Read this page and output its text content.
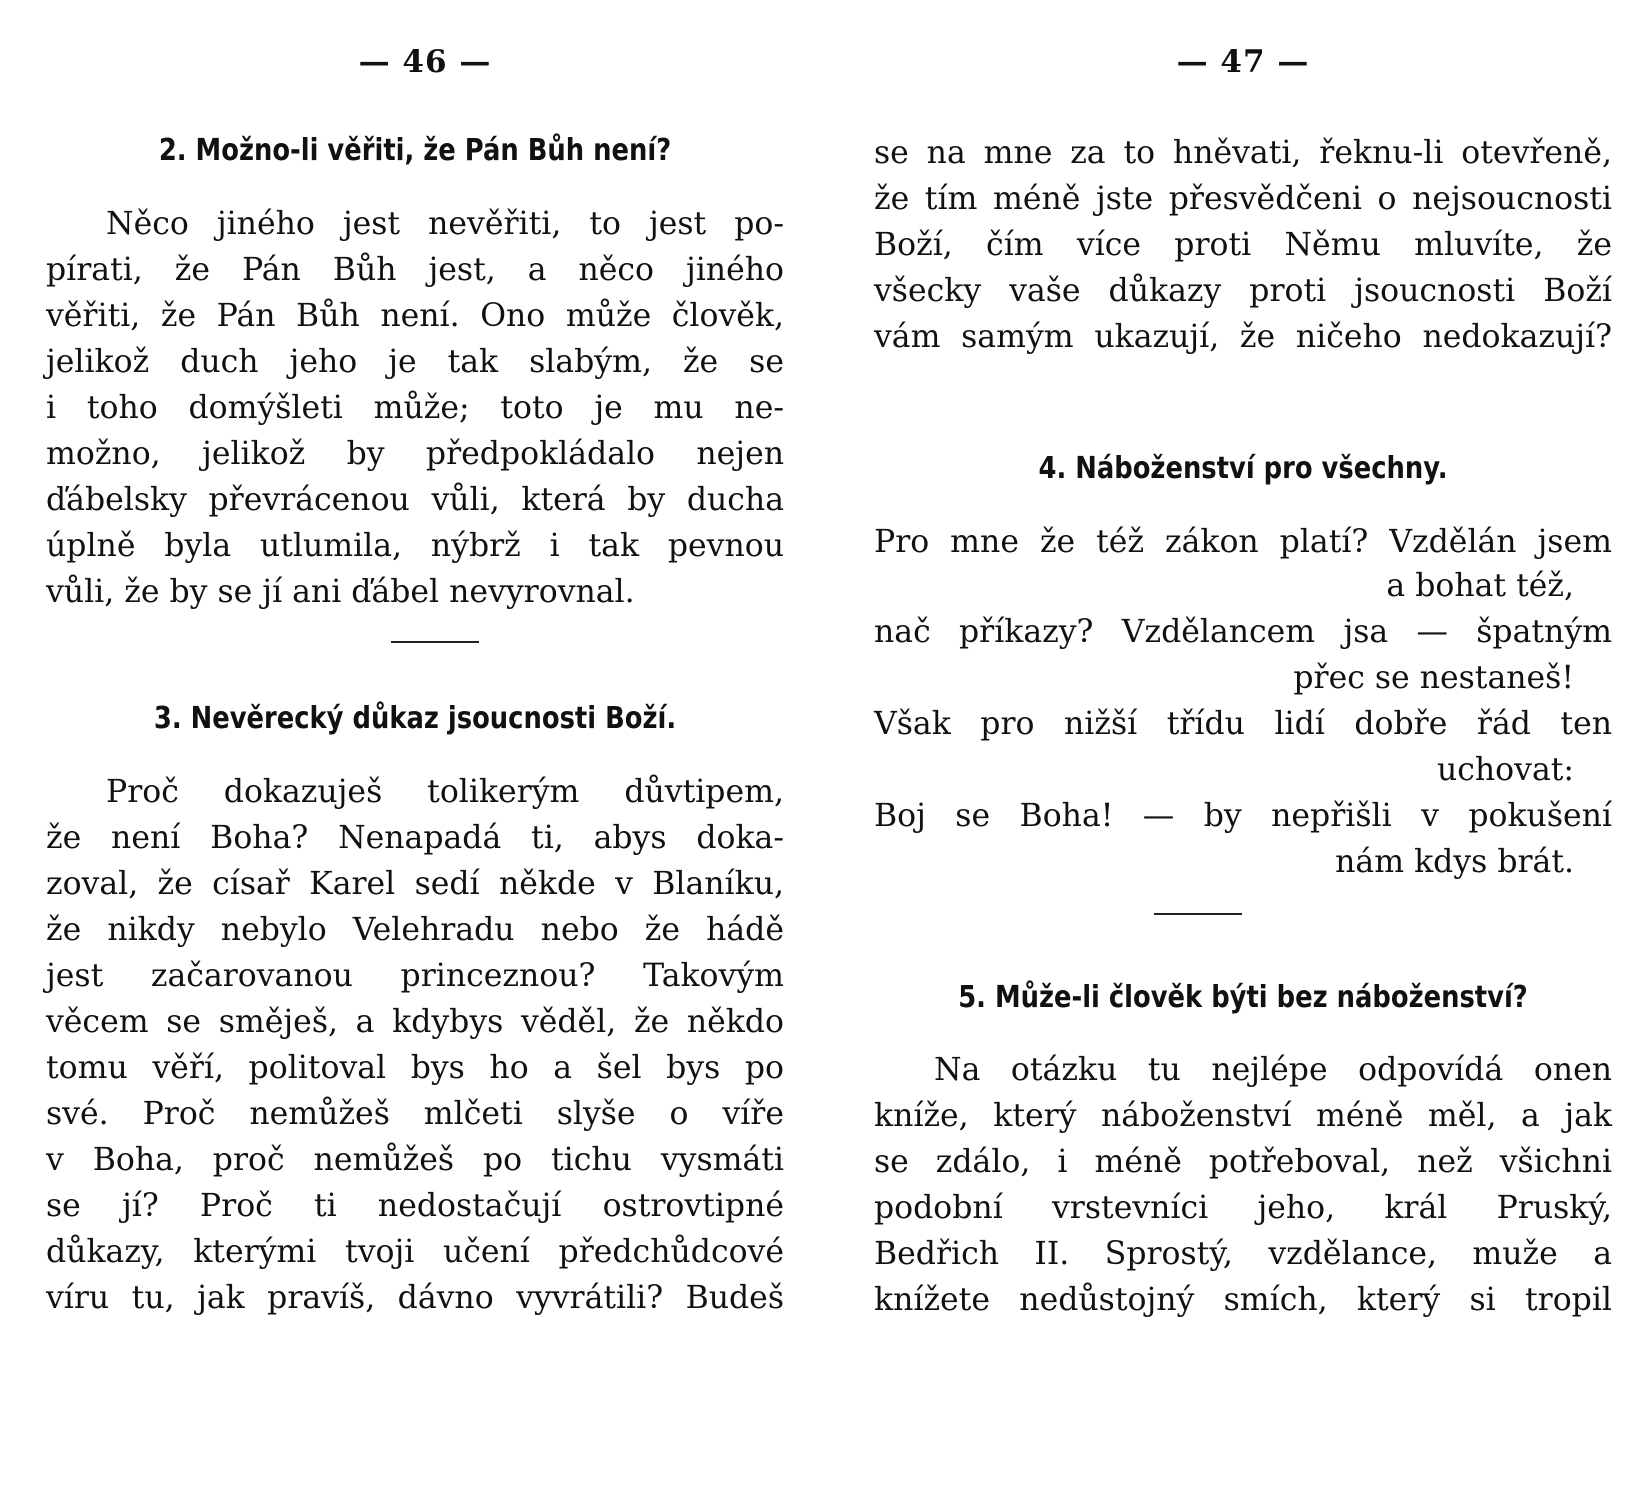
— 46 —
2. Možno-li věřiti, že Pán Bůh není?
Něco jiného jest nevěřiti, to jest po-
pírati, že Pán Bůh jest, a něco jiného
věřiti, že Pán Bůh není. Ono může člověk,
jelikož duch jeho je tak slabým, že se
i toho domýšleti může; toto je mu ne-
možno, jelikož by předpokládalo nejen
ďábelsky převrácenou vůli, která by ducha
úplně byla utlumila, nýbrž i tak pevnou
vůli, že by se jí ani ďábel nevyrovnal.
3. Nevěrecký důkaz jsoucnosti Boží.
Proč dokazuješ tolikerým důvtipem,
že není Boha? Nenapadá ti, abys doka-
zoval, že císař Karel sedí někde v Blaníku,
že nikdy nebylo Velehradu nebo že hádě
jest začarovanou princeznou? Takovým
věcem se směješ, a kdybys věděl, že někdo
tomu věří, politoval bys ho a šel bys po
své. Proč nemůžeš mlčeti slyše o víře
v Boha, proč nemůžeš po tichu vysmáti
se jí? Proč ti nedostačují ostrovtipné
důkazy, kterými tvoji učení předchůdcové
víru tu, jak pravíš, dávno vyvrátili? Budeš
— 47 —
se na mne za to hněvati, řeknu-li otevřeně,
že tím méně jste přesvědčeni o nejsoucnosti
Boží, čím více proti Němu mluvíte, že
všecky vaše důkazy proti jsoucnosti Boží
vám samým ukazují, že ničeho nedokazují?
4. Náboženství pro všechny.
Pro mne že též zákon platí? Vzdělán jsem
a bohat též,
nač příkazy? Vzdělancem jsa — špatným
přec se nestaneš!
Však pro nižší třídu lidí dobře řád ten
uchovat:
Boj se Boha! — by nepřišli v pokušení
nám kdys brát.
5. Může-li člověk býti bez náboženství?
Na otázku tu nejlépe odpovídá onen
kníže, který náboženství méně měl, a jak
se zdálo, i méně potřeboval, než všichni
podobní vrstevníci jeho, král Pruský,
Bedřich II. Sprostý, vzdělance, muže a
knížete nedůstojný smích, který si tropil
